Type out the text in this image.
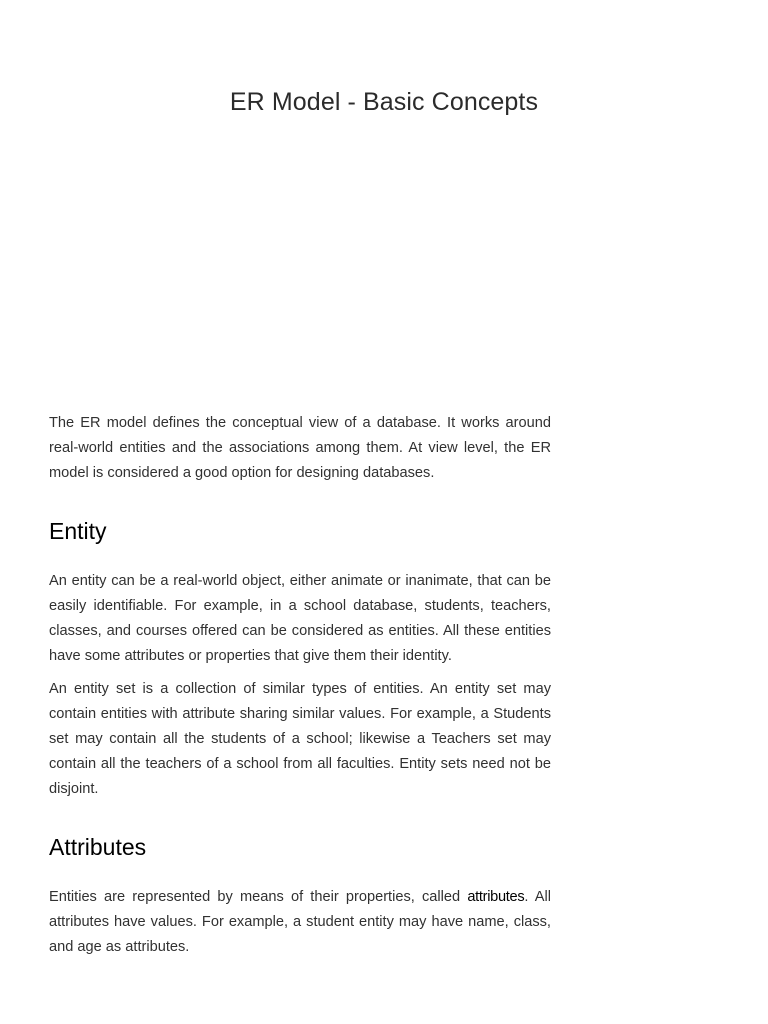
ER Model - Basic Concepts

The ER model defines the conceptual view of a database. It works around real-world entities and the associations among them. At view level, the ER model is considered a good option for designing databases.

Entity

An entity can be a real-world object, either animate or inanimate, that can be easily identifiable. For example, in a school database, students, teachers, classes, and courses offered can be considered as entities. All these entities have some attributes or properties that give them their identity.

An entity set is a collection of similar types of entities. An entity set may contain entities with attribute sharing similar values. For example, a Students set may contain all the students of a school; likewise a Teachers set may contain all the teachers of a school from all faculties. Entity sets need not be disjoint.

Attributes

Entities are represented by means of their properties, called attributes. All attributes have values. For example, a student entity may have name, class, and age as attributes.
